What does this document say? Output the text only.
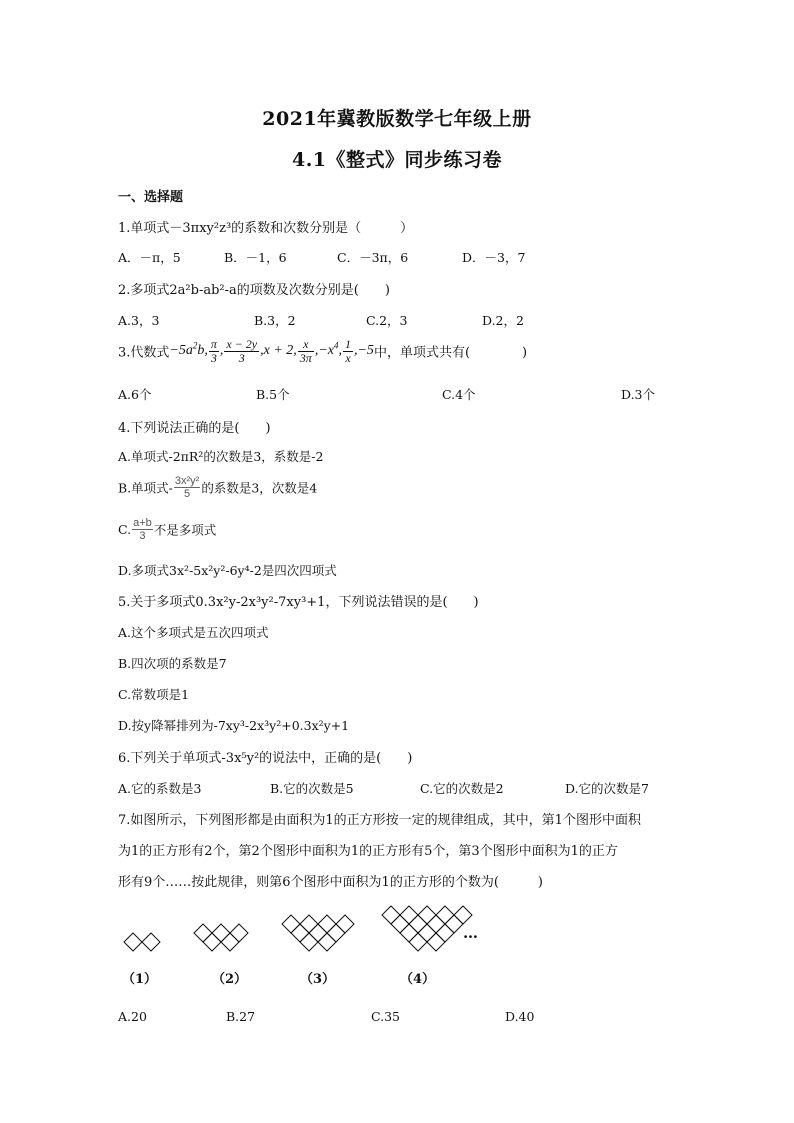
2021年冀教版数学七年级上册
4.1《整式》同步练习卷
一、选择题
1.单项式－3πxy²z³的系数和次数分别是（　　　）
A．－π，5	B．－1，6	C．－3π，6	D．－3，7
2.多项式2a²b-ab²-a的项数及次数分别是(　　)
A.3，3	B.3，2	C.2，3	D.2，2
3.代数式$-5a^2b$, $\frac{\pi}{3}$ , $\frac{x - 2y}{3} ,x + 2$, $\frac{x}{3\pi} ,-x^4$, $\frac{1}{x} ,-5$中，单项式共有(　　　　)
A.6个	B.5个	C.4个	D.3个
4.下列说法正确的是(　　)
A.单项式-2πR²的次数是3，系数是-2
B.单项式- $\frac{\text{3x²y²}}{5}$ 的系数是3，次数是4
C. $\frac{a+b}{3}$ 不是多项式
D.多项式3x²-5x²y²-6y⁴-2是四次四项式
5.关于多项式0.3x²y-2x³y²-7xy³+1，下列说法错误的是(　　)
A.这个多项式是五次四项式
B.四次项的系数是7
C.常数项是1
D.按y降幂排列为-7xy³-2x³y²+0.3x²y+1
6.下列关于单项式-3x⁵y²的说法中，正确的是(　　)
A.它的系数是3	B.它的次数是5	C.它的次数是2	D.它的次数是7
7.如图所示，下列图形都是由面积为1的正方形按一定的规律组成，其中，第1个图形中面积
为1的正方形有2个，第2个图形中面积为1的正方形有5个，第3个图形中面积为1的正方
形有9个……按此规律，则第6个图形中面积为1的正方形的个数为(　　　)
…
（1）	（2）	（3）	（4）
A.20	B.27	C.35	D.40
